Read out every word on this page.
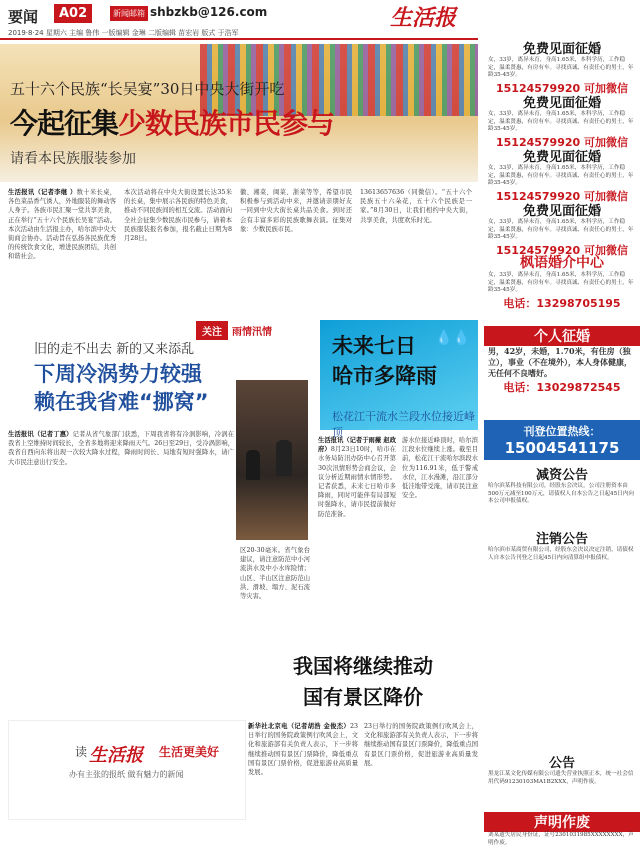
要闻	A02	新闻邮箱 shbzkb@126.com	生活报
2019·8·24 星期六 主编 鲁伟 一版编辑 金琳 二版编辑 苗宏岩 版式 于浩军
五十六个民族“长吴宴”30日中央大街开吃
今起征集少数民族市民参与
请看本民族服装参加
生活报讯（记者李继 ）数十米长桌，各色菜品香气诱人，外地服装的舞动客人身子。各族市民汇聚一堂共享美食，正在举行“五十六个民族长吴宴”活动。本次活动由生活报主办，哈尔滨中央大街商会协办。活动旨在弘扬各民族优秀的传统饮食文化，增进民族团结，共创和谐社会。
本次活动将在中央大街设置长达35米的长桌，集中展示各民族的特色美食，推动不同民族间的相互交流。活动面向全社会征集少数民族市民参与，请着本民族服装报名参加，报名截止日期为8月28日。
徽、湘菜、闽菜、浙菜等等，希望市民积极参与到活动中来，并邀请亲朋好友一同到中央大街长桌共品美食。到时还会有丰富多彩的民族歌舞表演。征集对象：少数民族市民。
13613657636（同微信）。“五十六个民族五十六朵花，五十六个民族是一家。”8月30日，让我们相约中央大街，共享美食，共度欢乐时光。
关注 雨情汛情
旧的走不出去 新的又来添乱
下周冷涡势力较强
赖在我省难“挪窝”
生活报讯（记者丁惠）记者从省气象部门获悉，下周我省将有冷涡影响，冷涡在我省上空维持时间较长，全省多地将迎来降雨天气。26日至29日，受冷涡影响，我省自西向东将出现一次较大降水过程，降雨时间长、局地有短时强降水，请广大市民注意出行安全。
区20-30毫米。省气象台建议，请注意防范中小河流洪水及中小水库险情；山区、半山区注意防范山洪、滑坡、塌方、泥石流等灾害。
💧💧
未来七日
哈市多降雨
松花江干流水兰段水位接近峰顶
生活报讯（记者于雨薇 赵政府）8月23日10时，哈市在水务局防汛办防中心召开第30次汛情形势会商会议，会议分析近期雨情水情形势。记者获悉，未来七日哈市多降雨，同时可能伴有局部短时强降水，请市民提前做好防范准备。
游水位接近峰顶时，哈尔滨江段水位继续上涨。截至目前，松花江干流哈尔滨段水位为116.91米，低于警戒水位，江水漫滩，沿江部分低洼地带受淹，请市民注意安全。
我国将继续推动
国有景区降价
新华社北京电（记者胡浩 金俊杰）23日举行的国务院政策例行吹风会上，文化和旅游部有关负责人表示，下一步将继续推动国有景区门票降价，降低重点国有景区门票价格，促进旅游业高质量发展。
23日举行的国务院政策例行吹风会上，文化和旅游部有关负责人表示，下一步将继续推动国有景区门票降价，降低重点国有景区门票价格，促进旅游业高质量发展。
读 生活报 生活更美好
办有主张的报纸 做有魅力的新闻
免费见面征婚
女，33岁，离异未育，身高1.65米，本科学历，工作稳定，温柔贤惠，有房有车。寻找真诚、有责任心的男士，年龄35-45岁。
15124579920 可加微信
免费见面征婚
女，33岁，离异未育，身高1.65米，本科学历，工作稳定，温柔贤惠，有房有车。寻找真诚、有责任心的男士，年龄35-45岁。
15124579920 可加微信
免费见面征婚
女，33岁，离异未育，身高1.65米，本科学历，工作稳定，温柔贤惠，有房有车。寻找真诚、有责任心的男士，年龄35-45岁。
15124579920 可加微信
免费见面征婚
女，33岁，离异未育，身高1.65米，本科学历，工作稳定，温柔贤惠，有房有车。寻找真诚、有责任心的男士，年龄35-45岁。
15124579920 可加微信
枫语婚介中心
女，33岁，离异未育，身高1.65米，本科学历，工作稳定，温柔贤惠，有房有车。寻找真诚、有责任心的男士，年龄35-45岁。
电话：13298705195
个人征婚
男，42岁，未婚，1.70米，有住房（独立），事业（不在境外），本人身体健康，无任何不良嗜好。
电话：13029872545
刊登位置热线：
15004541175
减资公告
哈尔滨某科技有限公司，经股东会决议，公司注册资本由500万元减至100万元，请债权人自本公告之日起45日内向本公司申报债权。
注销公告
哈尔滨市某商贸有限公司，经股东会决议决定注销，请债权人自本公告刊登之日起45日内向清算组申报债权。
公告
黑龙江某文化传媒有限公司遗失营业执照正本，统一社会信用代码91230103MA1B2XXX，声明作废。
声明作废
刘某遗失居民身份证，证号2301031985XXXXXXXX，声明作废。
